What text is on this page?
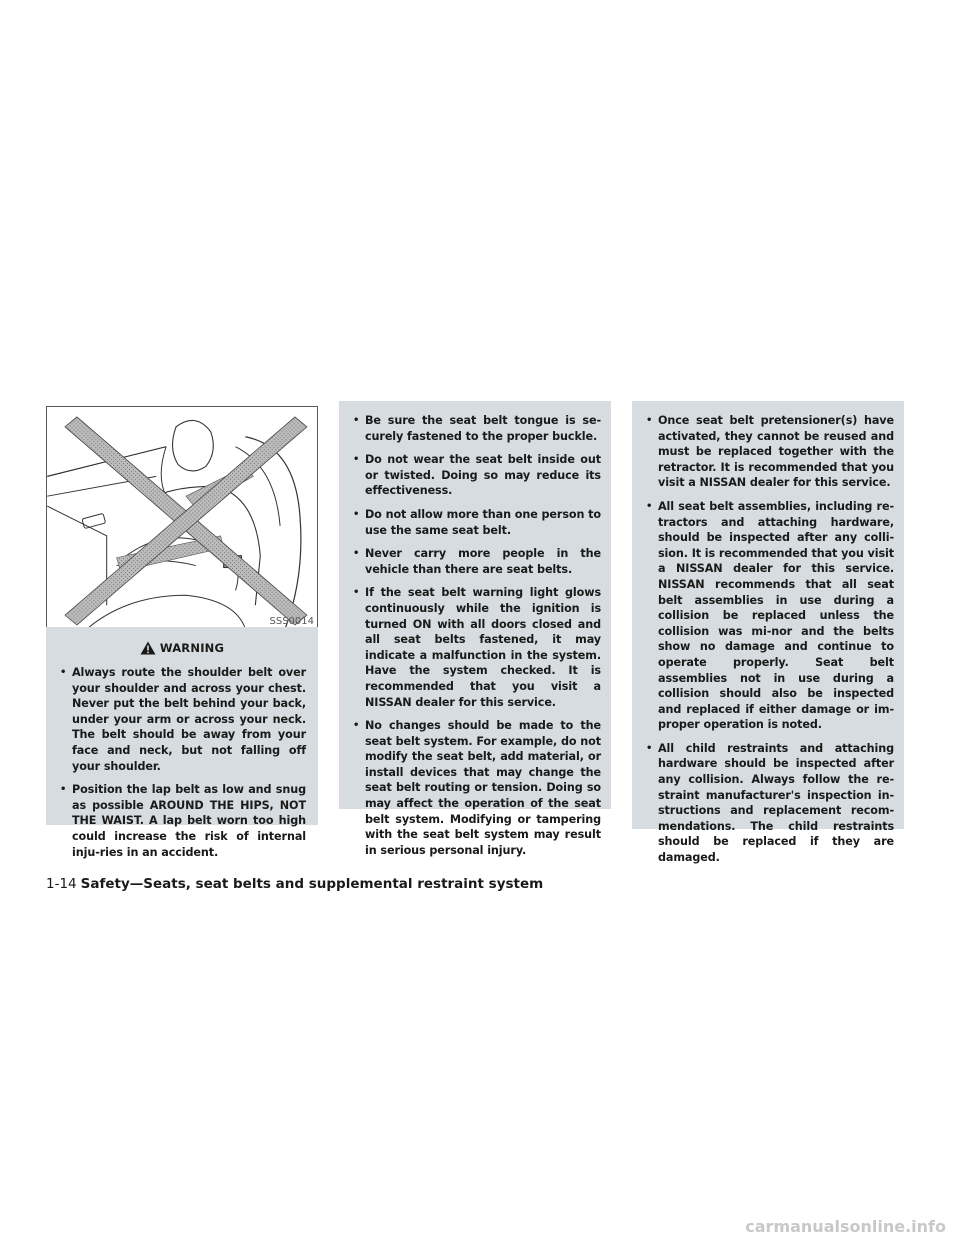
SSS0014
WARNING
• Always route the shoulder belt over your shoulder and across your chest. Never put the belt behind your back, under your arm or across your neck. The belt should be away from your face and neck, but not falling off your shoulder.
• Position the lap belt as low and snug as possible AROUND THE HIPS, NOT THE WAIST. A lap belt worn too high could increase the risk of internal inju-ries in an accident.
• Be sure the seat belt tongue is se-curely fastened to the proper buckle.
• Do not wear the seat belt inside out or twisted. Doing so may reduce its effectiveness.
• Do not allow more than one person to use the same seat belt.
• Never carry more people in the vehicle than there are seat belts.
• If the seat belt warning light glows continuously while the ignition is turned ON with all doors closed and all seat belts fastened, it may indicate a malfunction in the system. Have the system checked. It is recommended that you visit a NISSAN dealer for this service.
• No changes should be made to the seat belt system. For example, do not modify the seat belt, add material, or install devices that may change the seat belt routing or tension. Doing so may affect the operation of the seat belt system. Modifying or tampering with the seat belt system may result in serious personal injury.
• Once seat belt pretensioner(s) have activated, they cannot be reused and must be replaced together with the retractor. It is recommended that you visit a NISSAN dealer for this service.
• All seat belt assemblies, including re-tractors and attaching hardware, should be inspected after any colli-sion. It is recommended that you visit a NISSAN dealer for this service. NISSAN recommends that all seat belt assemblies in use during a collision be replaced unless the collision was mi-nor and the belts show no damage and continue to operate properly. Seat belt assemblies not in use during a collision should also be inspected and replaced if either damage or im-proper operation is noted.
• All child restraints and attaching hardware should be inspected after any collision. Always follow the re-straint manufacturer's inspection in-structions and replacement recom-mendations. The child restraints should be replaced if they are damaged.
1-14 Safety—Seats, seat belts and supplemental restraint system
carmanualsonline.info
